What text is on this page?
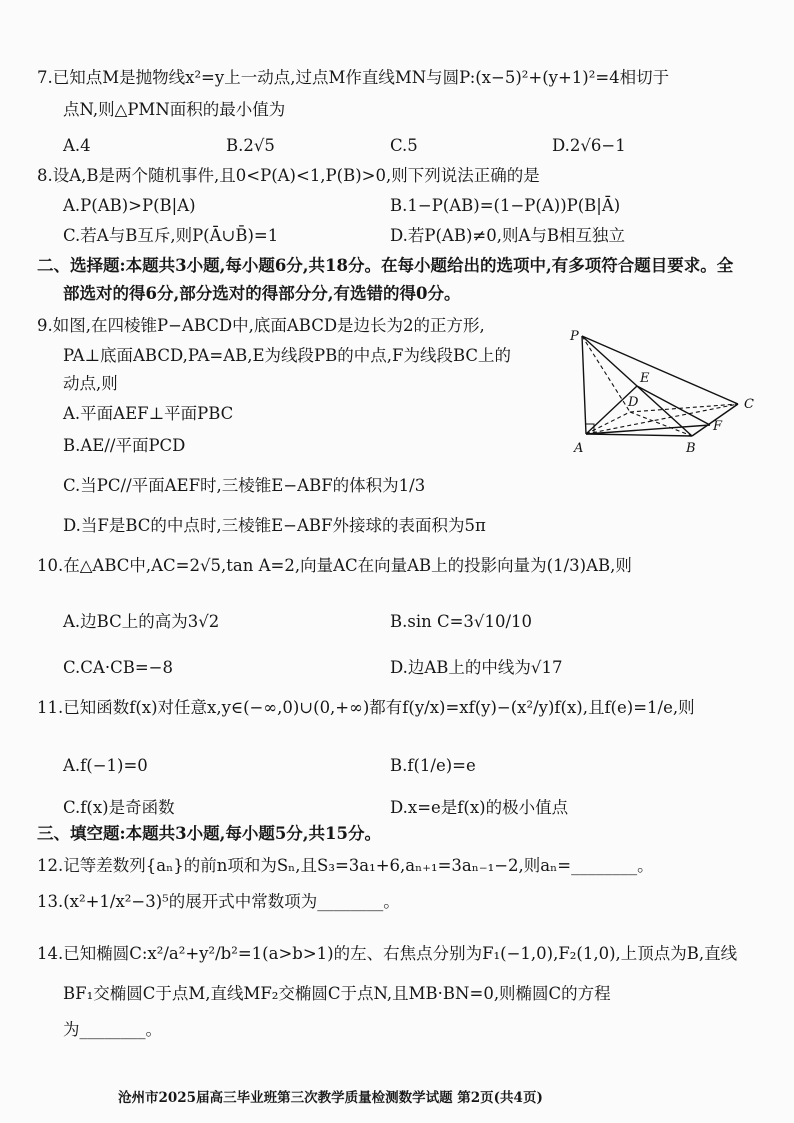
7.已知点M是抛物线x²=y上一动点,过点M作直线MN与圆P:(x−5)²+(y+1)²=4相切于
点N,则△PMN面积的最小值为
A.4	B.2√5	C.5	D.2√6−1
8.设A,B是两个随机事件,且0<P(A)<1,P(B)>0,则下列说法正确的是
A.P(AB)>P(B|A)	B.1−P(AB)=(1−P(A))P(B|Ā)
C.若A与B互斥,则P(Ā∪B̄)=1	D.若P(AB)≠0,则A与B相互独立
二、选择题:本题共3小题,每小题6分,共18分。在每小题给出的选项中,有多项符合题目要求。全
部选对的得6分,部分选对的得部分分,有选错的得0分。
9.如图,在四棱锥P−ABCD中,底面ABCD是边长为2的正方形,
PA⊥底面ABCD,PA=AB,E为线段PB的中点,F为线段BC上的
动点,则
A.平面AEF⊥平面PBC
B.AE//平面PCD
C.当PC//平面AEF时,三棱锥E−ABF的体积为1/3
D.当F是BC的中点时,三棱锥E−ABF外接球的表面积为5π
10.在△ABC中,AC=2√5,tan A=2,向量AC在向量AB上的投影向量为(1/3)AB,则
A.边BC上的高为3√2	B.sin C=3√10/10
C.CA·CB=−8	D.边AB上的中线为√17
11.已知函数f(x)对任意x,y∈(−∞,0)∪(0,+∞)都有f(y/x)=xf(y)−(x²/y)f(x),且f(e)=1/e,则
A.f(−1)=0	B.f(1/e)=e
C.f(x)是奇函数	D.x=e是f(x)的极小值点
三、填空题:本题共3小题,每小题5分,共15分。
12.记等差数列{aₙ}的前n项和为Sₙ,且S₃=3a₁+6,aₙ₊₁=3aₙ₋₁−2,则aₙ=________。
13.(x²+1/x²−3)⁵的展开式中常数项为________。
14.已知椭圆C:x²/a²+y²/b²=1(a>b>1)的左、右焦点分别为F₁(−1,0),F₂(1,0),上顶点为B,直线
BF₁交椭圆C于点M,直线MF₂交椭圆C于点N,且MB·BN=0,则椭圆C的方程
为________。
P
A	B
C
D
E
F
沧州市2025届高三毕业班第三次教学质量检测数学试题 第2页(共4页)
